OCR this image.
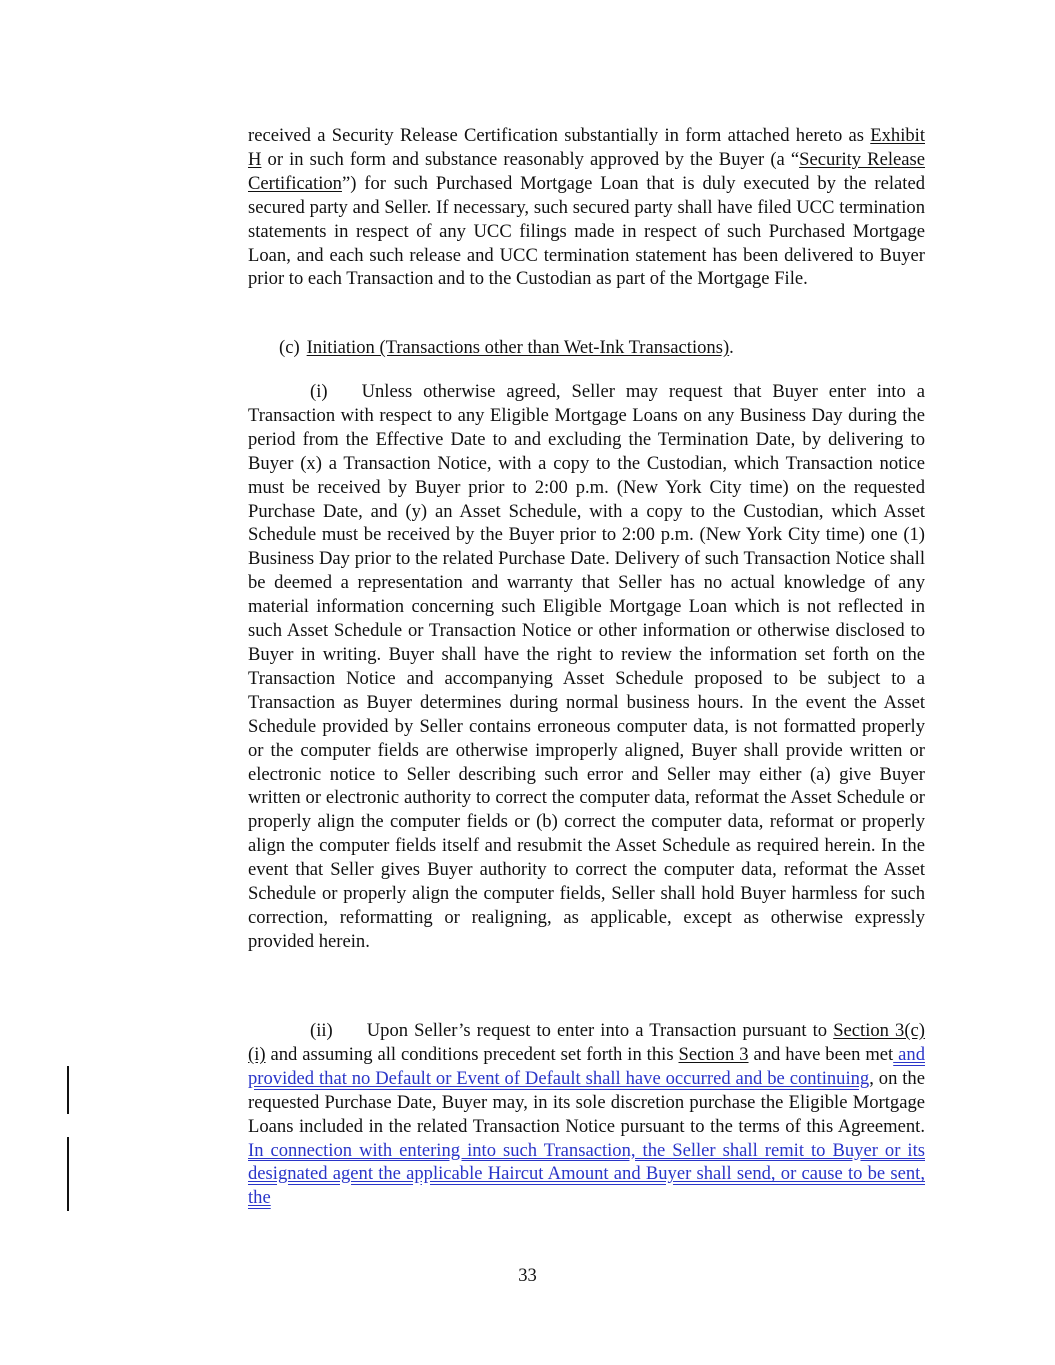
received a Security Release Certification substantially in form attached hereto as Exhibit H or in such form and substance reasonably approved by the Buyer (a “Security Release Certification”) for such Purchased Mortgage Loan that is duly executed by the related secured party and Seller. If necessary, such secured party shall have filed UCC termination statements in respect of any UCC filings made in respect of such Purchased Mortgage Loan, and each such release and UCC termination statement has been delivered to Buyer prior to each Transaction and to the Custodian as part of the Mortgage File.
(c) Initiation (Transactions other than Wet-Ink Transactions).
(i) Unless otherwise agreed, Seller may request that Buyer enter into a Transaction with respect to any Eligible Mortgage Loans on any Business Day during the period from the Effective Date to and excluding the Termination Date, by delivering to Buyer (x) a Transaction Notice, with a copy to the Custodian, which Transaction notice must be received by Buyer prior to 2:00 p.m. (New York City time) on the requested Purchase Date, and (y) an Asset Schedule, with a copy to the Custodian, which Asset Schedule must be received by the Buyer prior to 2:00 p.m. (New York City time) one (1) Business Day prior to the related Purchase Date. Delivery of such Transaction Notice shall be deemed a representation and warranty that Seller has no actual knowledge of any material information concerning such Eligible Mortgage Loan which is not reflected in such Asset Schedule or Transaction Notice or other information or otherwise disclosed to Buyer in writing. Buyer shall have the right to review the information set forth on the Transaction Notice and accompanying Asset Schedule proposed to be subject to a Transaction as Buyer determines during normal business hours. In the event the Asset Schedule provided by Seller contains erroneous computer data, is not formatted properly or the computer fields are otherwise improperly aligned, Buyer shall provide written or electronic notice to Seller describing such error and Seller may either (a) give Buyer written or electronic authority to correct the computer data, reformat the Asset Schedule or properly align the computer fields or (b) correct the computer data, reformat or properly align the computer fields itself and resubmit the Asset Schedule as required herein. In the event that Seller gives Buyer authority to correct the computer data, reformat the Asset Schedule or properly align the computer fields, Seller shall hold Buyer harmless for such correction, reformatting or realigning, as applicable, except as otherwise expressly provided herein.
(ii) Upon Seller’s request to enter into a Transaction pursuant to Section 3(c)(i) and assuming all conditions precedent set forth in this Section 3 and have been met and provided that no Default or Event of Default shall have occurred and be continuing, on the requested Purchase Date, Buyer may, in its sole discretion purchase the Eligible Mortgage Loans included in the related Transaction Notice pursuant to the terms of this Agreement. In connection with entering into such Transaction, the Seller shall remit to Buyer or its designated agent the applicable Haircut Amount and Buyer shall send, or cause to be sent, the
33
